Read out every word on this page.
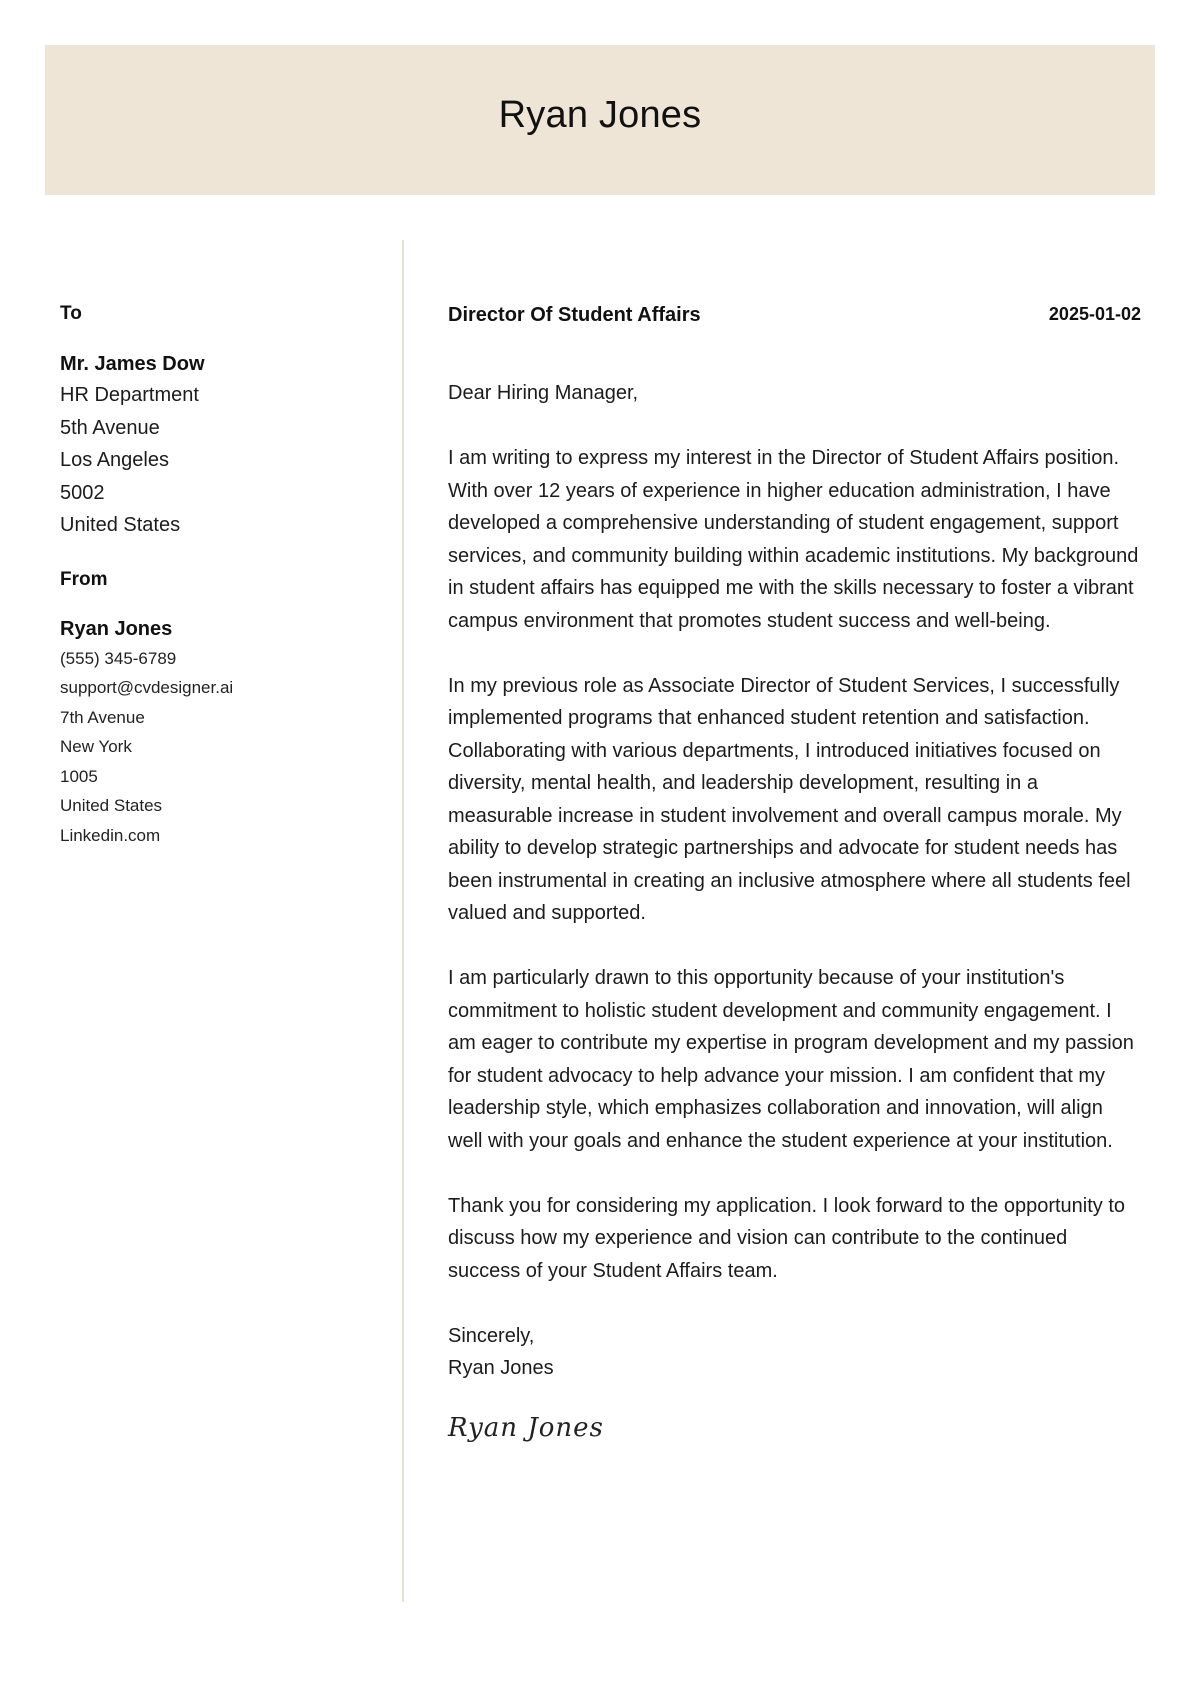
Ryan Jones
To
Mr. James Dow
HR Department
5th Avenue
Los Angeles
5002
United States
From
Ryan Jones
(555) 345-6789
support@cvdesigner.ai
7th Avenue
New York
1005
United States
Linkedin.com
Director Of Student Affairs	2025-01-02
Dear Hiring Manager,
I am writing to express my interest in the Director of Student Affairs position. With over 12 years of experience in higher education administration, I have developed a comprehensive understanding of student engagement, support services, and community building within academic institutions. My background in student affairs has equipped me with the skills necessary to foster a vibrant campus environment that promotes student success and well-being.
In my previous role as Associate Director of Student Services, I successfully implemented programs that enhanced student retention and satisfaction. Collaborating with various departments, I introduced initiatives focused on diversity, mental health, and leadership development, resulting in a measurable increase in student involvement and overall campus morale. My ability to develop strategic partnerships and advocate for student needs has been instrumental in creating an inclusive atmosphere where all students feel valued and supported.
I am particularly drawn to this opportunity because of your institution's commitment to holistic student development and community engagement. I am eager to contribute my expertise in program development and my passion for student advocacy to help advance your mission. I am confident that my leadership style, which emphasizes collaboration and innovation, will align well with your goals and enhance the student experience at your institution.
Thank you for considering my application. I look forward to the opportunity to discuss how my experience and vision can contribute to the continued success of your Student Affairs team.
Sincerely,
Ryan Jones
Ryan Jones
